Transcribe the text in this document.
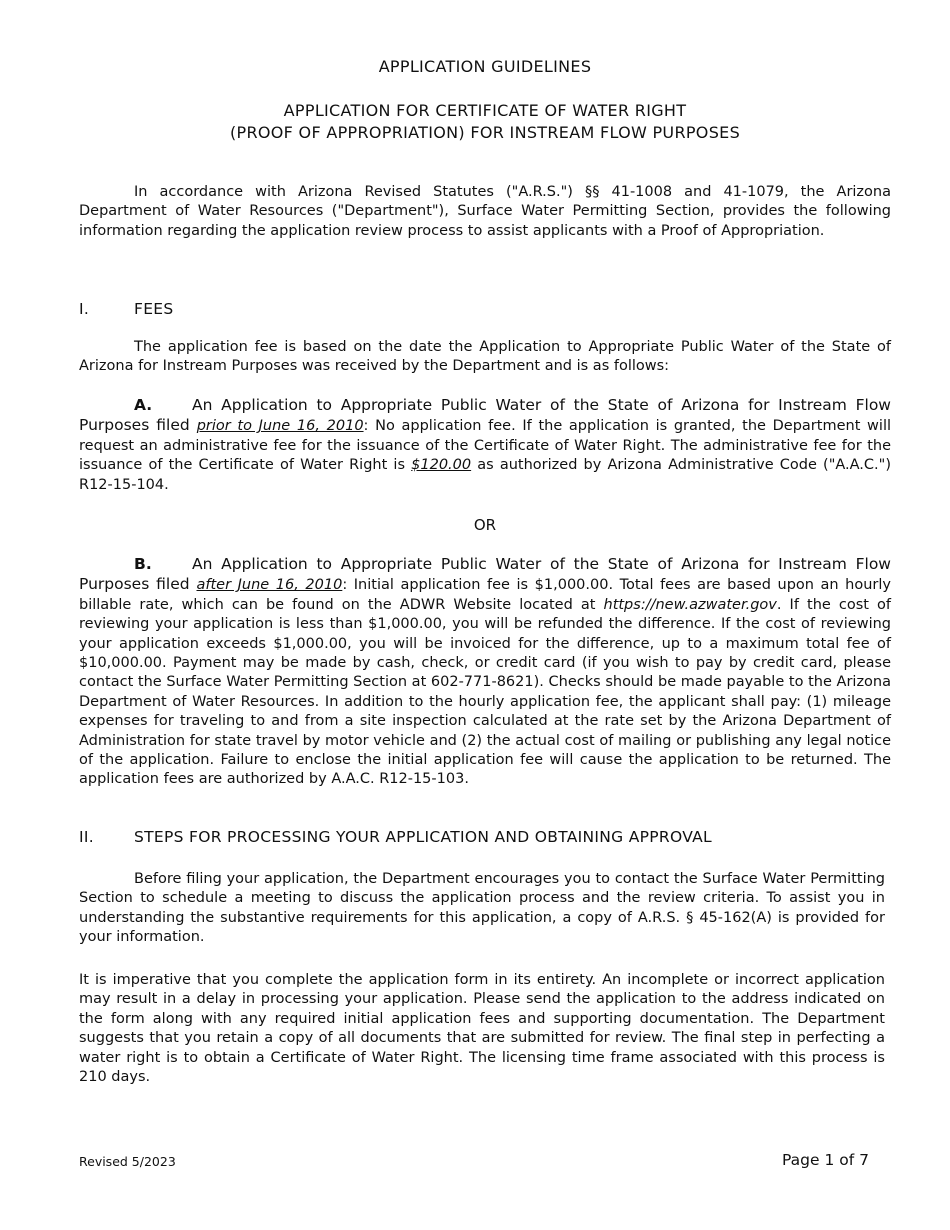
APPLICATION GUIDELINES
APPLICATION FOR CERTIFICATE OF WATER RIGHT
(PROOF OF APPROPRIATION) FOR INSTREAM FLOW PURPOSES

In accordance with Arizona Revised Statutes ("A.R.S.") §§ 41-1008 and 41-1079, the Arizona Department of Water Resources ("Department"), Surface Water Permitting Section, provides the following information regarding the application review process to assist applicants with a Proof of Appropriation.

I.	FEES

The application fee is based on the date the Application to Appropriate Public Water of the State of Arizona for Instream Purposes was received by the Department and is as follows:

A.	An Application to Appropriate Public Water of the State of Arizona for Instream Flow Purposes filed prior to June 16, 2010: No application fee. If the application is granted, the Department will request an administrative fee for the issuance of the Certificate of Water Right. The administrative fee for the issuance of the Certificate of Water Right is $120.00 as authorized by Arizona Administrative Code ("A.A.C.") R12-15-104.

OR

B.	An Application to Appropriate Public Water of the State of Arizona for Instream Flow Purposes filed after June 16, 2010: Initial application fee is $1,000.00. Total fees are based upon an hourly billable rate, which can be found on the ADWR Website located at https://new.azwater.gov. If the cost of reviewing your application is less than $1,000.00, you will be refunded the difference. If the cost of reviewing your application exceeds $1,000.00, you will be invoiced for the difference, up to a maximum total fee of $10,000.00. Payment may be made by cash, check, or credit card (if you wish to pay by credit card, please contact the Surface Water Permitting Section at 602-771-8621). Checks should be made payable to the Arizona Department of Water Resources. In addition to the hourly application fee, the applicant shall pay: (1) mileage expenses for traveling to and from a site inspection calculated at the rate set by the Arizona Department of Administration for state travel by motor vehicle and (2) the actual cost of mailing or publishing any legal notice of the application. Failure to enclose the initial application fee will cause the application to be returned. The application fees are authorized by A.A.C. R12-15-103.

II.	STEPS FOR PROCESSING YOUR APPLICATION AND OBTAINING APPROVAL

Before filing your application, the Department encourages you to contact the Surface Water Permitting Section to schedule a meeting to discuss the application process and the review criteria. To assist you in understanding the substantive requirements for this application, a copy of A.R.S. § 45-162(A) is provided for your information.

It is imperative that you complete the application form in its entirety. An incomplete or incorrect application may result in a delay in processing your application. Please send the application to the address indicated on the form along with any required initial application fees and supporting documentation. The Department suggests that you retain a copy of all documents that are submitted for review. The final step in perfecting a water right is to obtain a Certificate of Water Right. The licensing time frame associated with this process is 210 days.

Revised 5/2023	Page 1 of 7
